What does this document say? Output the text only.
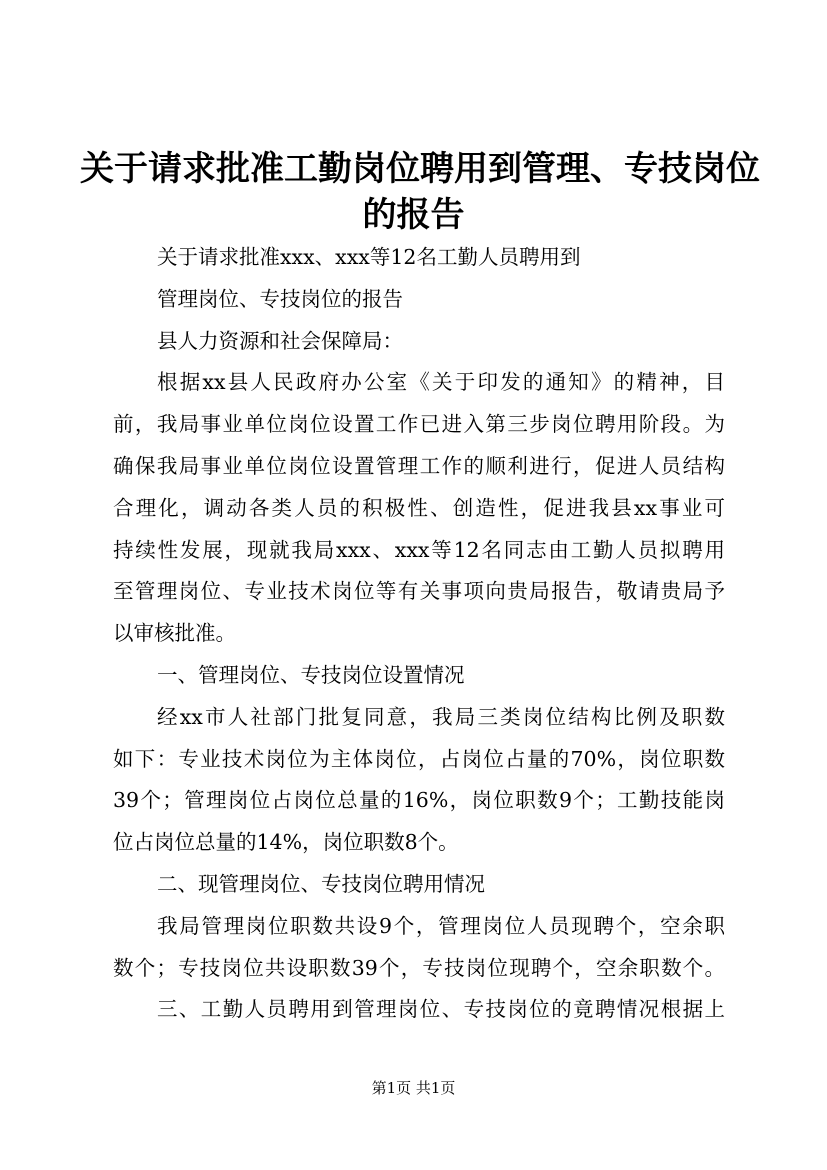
关于请求批准工勤岗位聘用到管理、专技岗位
的报告
关于请求批准xxx、xxx等12名工勤人员聘用到
管理岗位、专技岗位的报告
县人力资源和社会保障局：
根据xx县人民政府办公室《关于印发的通知》的精神，目
前，我局事业单位岗位设置工作已进入第三步岗位聘用阶段。为
确保我局事业单位岗位设置管理工作的顺利进行，促进人员结构
合理化，调动各类人员的积极性、创造性，促进我县xx事业可
持续性发展，现就我局xxx、xxx等12名同志由工勤人员拟聘用
至管理岗位、专业技术岗位等有关事项向贵局报告，敬请贵局予
以审核批准。
一、管理岗位、专技岗位设置情况
经xx市人社部门批复同意，我局三类岗位结构比例及职数
如下：专业技术岗位为主体岗位，占岗位占量的70%，岗位职数
39个；管理岗位占岗位总量的16%，岗位职数9个；工勤技能岗
位占岗位总量的14%，岗位职数8个。
二、现管理岗位、专技岗位聘用情况
我局管理岗位职数共设9个，管理岗位人员现聘个，空余职
数个；专技岗位共设职数39个，专技岗位现聘个，空余职数个。
三、工勤人员聘用到管理岗位、专技岗位的竟聘情况根据上
第1页 共1页
